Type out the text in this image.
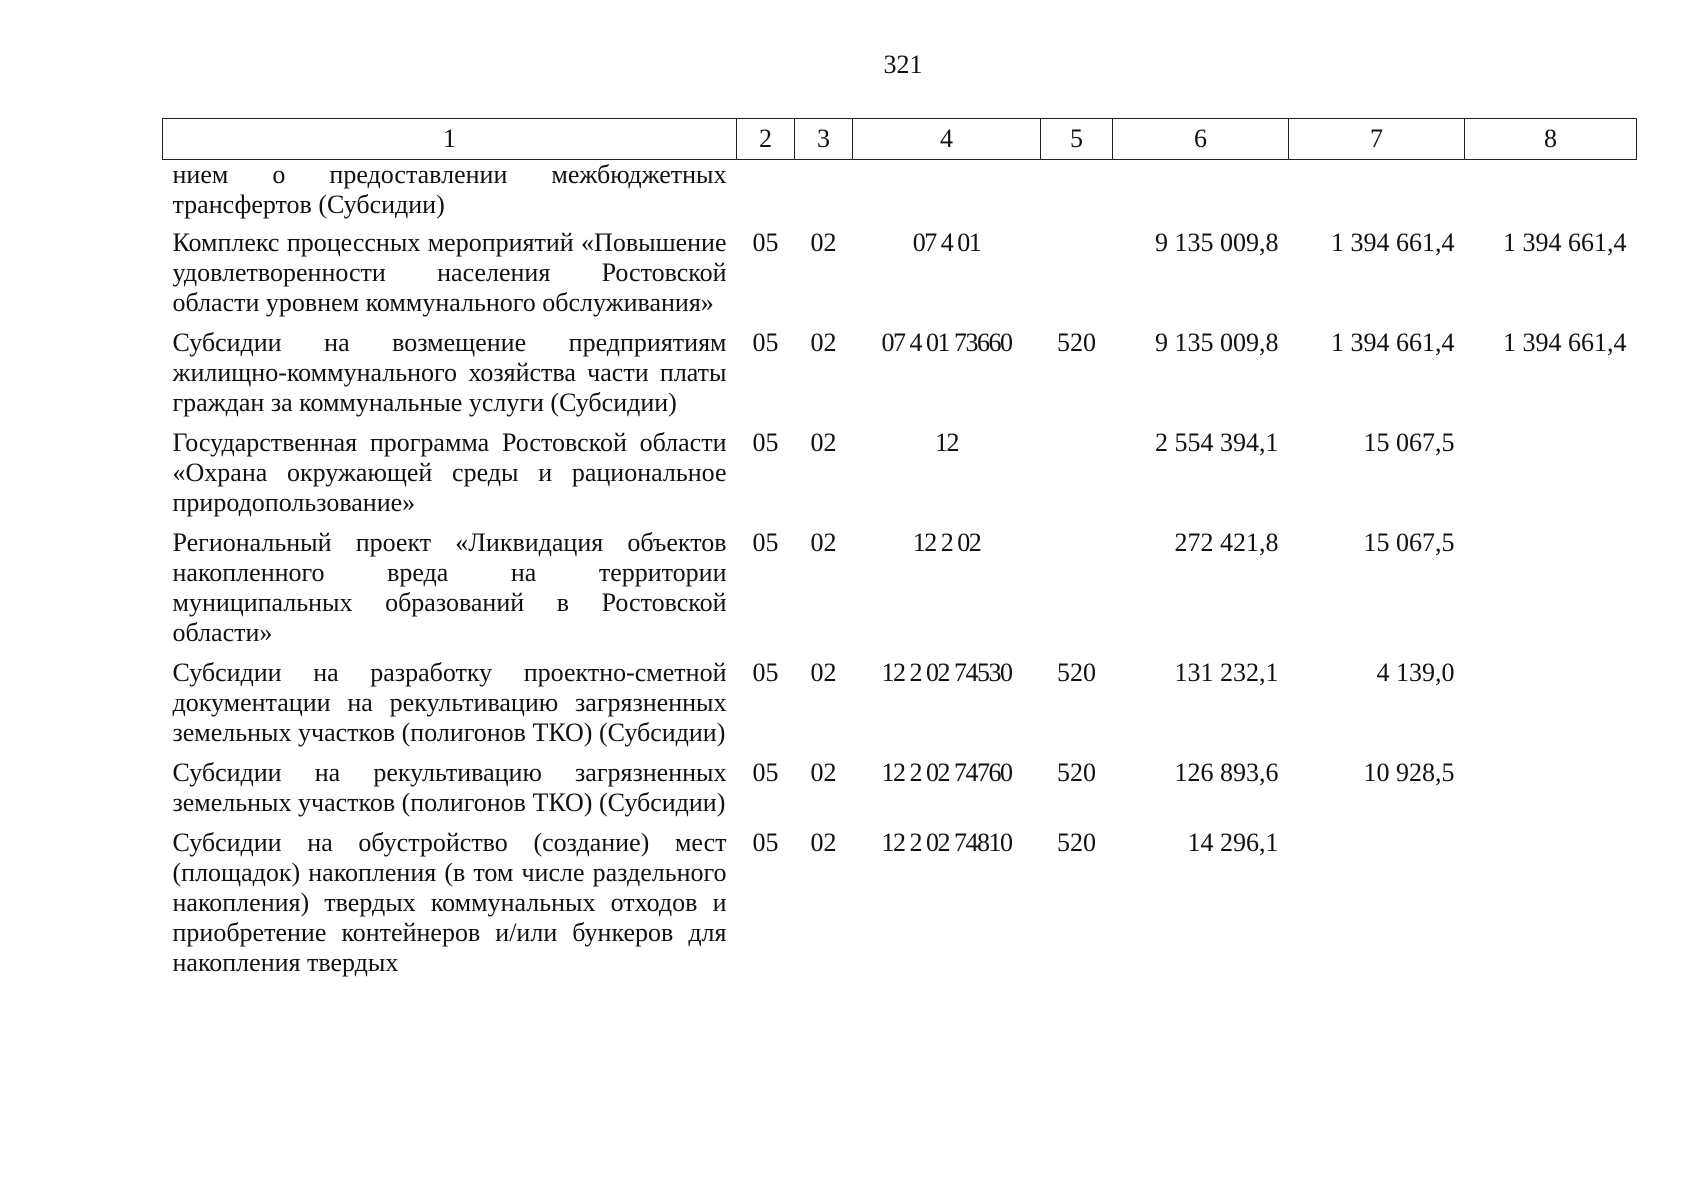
321
1	2	3	4	5	6	7	8
нием о предоставлении межбюджетных трансфертов (Субсидии)							
Комплекс процессных мероприятий «Повышение удовлетворенности населения Ростовской области уровнем коммунального обслуживания»	05	02	07 4 01		9 135 009,8	1 394 661,4	1 394 661,4
Субсидии на возмещение предприятиям жилищно-коммунального хозяйства части платы граждан за коммунальные услуги (Субсидии)	05	02	07 4 01 73660	520	9 135 009,8	1 394 661,4	1 394 661,4
Государственная программа Ростовской области «Охрана окружающей среды и рациональное природопользование»	05	02	12		2 554 394,1	15 067,5	
Региональный проект «Ликвидация объектов накопленного вреда на территории муниципальных образований в Ростовской области»	05	02	12 2 02		272 421,8	15 067,5	
Субсидии на разработку проектно-сметной документации на рекультивацию загрязненных земельных участков (полигонов ТКО) (Субсидии)	05	02	12 2 02 74530	520	131 232,1	4 139,0	
Субсидии на рекультивацию загрязненных земельных участков (полигонов ТКО) (Субсидии)	05	02	12 2 02 74760	520	126 893,6	10 928,5	
Субсидии на обустройство (создание) мест (площадок) накопления (в том числе раздельного накопления) твердых коммунальных отходов и приобретение контейнеров и/или бункеров для накопления твердых	05	02	12 2 02 74810	520	14 296,1		
